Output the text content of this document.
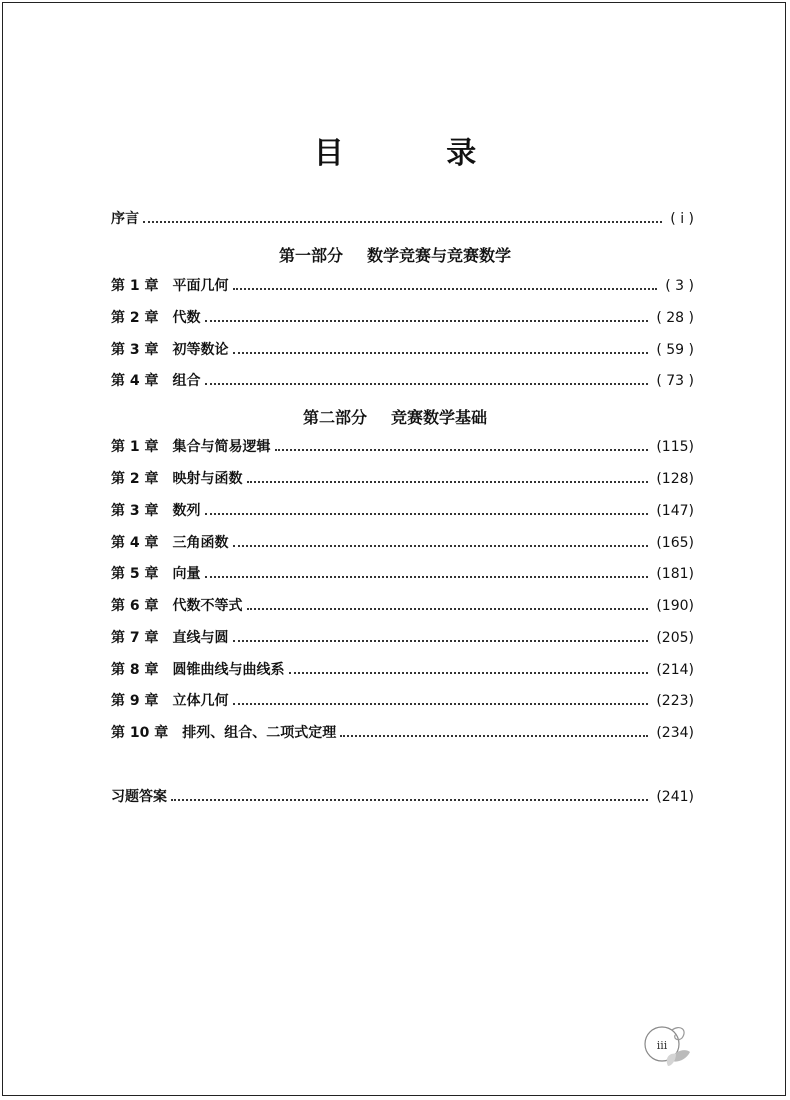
目 录
序言	( ⅰ )
第一部分 数学竞赛与竞赛数学
第 1 章 平面几何	( 3 )
第 2 章 代数	( 28 )
第 3 章 初等数论	( 59 )
第 4 章 组合	( 73 )
第二部分 竞赛数学基础
第 1 章 集合与简易逻辑	(115)
第 2 章 映射与函数	(128)
第 3 章 数列	(147)
第 4 章 三角函数	(165)
第 5 章 向量	(181)
第 6 章 代数不等式	(190)
第 7 章 直线与圆	(205)
第 8 章 圆锥曲线与曲线系	(214)
第 9 章 立体几何	(223)
第 10 章 排列、组合、二项式定理	(234)
习题答案	(241)
iii
